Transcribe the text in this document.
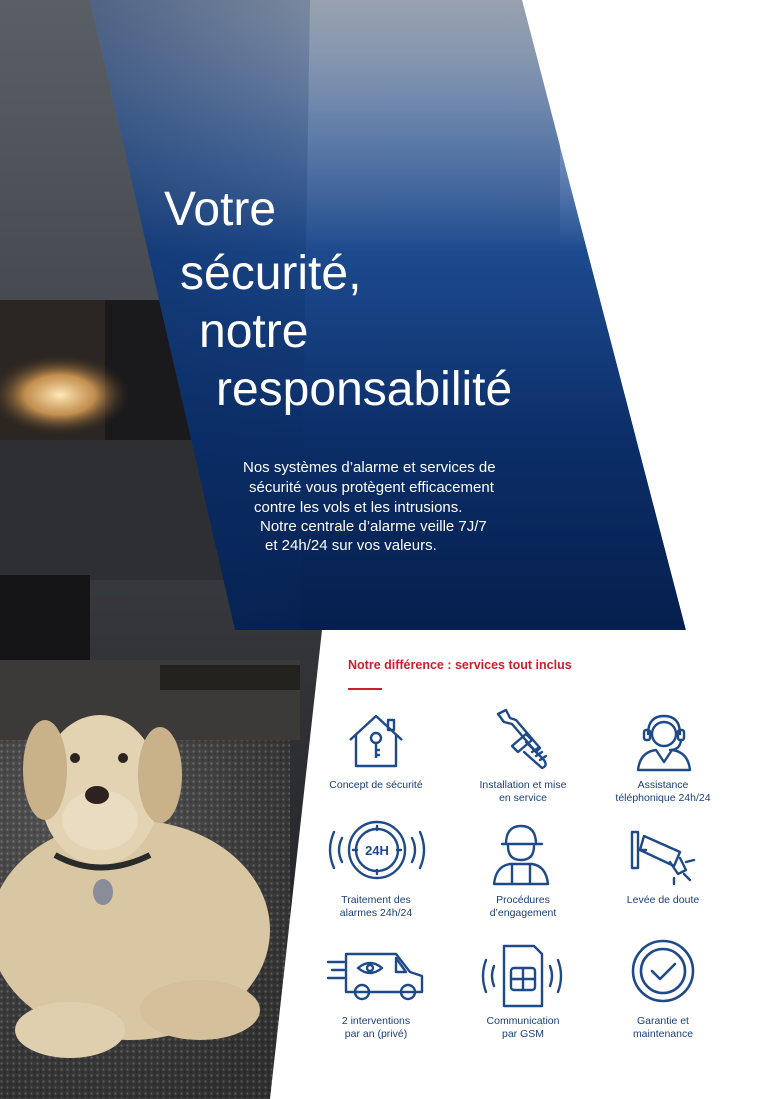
Votre
sécurité,
notre
responsabilité
Nos systèmes d’alarme et services de
sécurité vous protègent efficacement
contre les vols et les intrusions.
Notre centrale d’alarme veille 7J/7
et 24h/24 sur vos valeurs.
Notre différence : services tout inclus
Concept de sécurité	Installation et mise
en service
Assistance
téléphonique 24h/24
24H
Traitement des
alarmes 24h/24
Procédures
d’engagement
Levée de doute
2 interventions
par an (privé)
Communication
par GSM
Garantie et
maintenance
